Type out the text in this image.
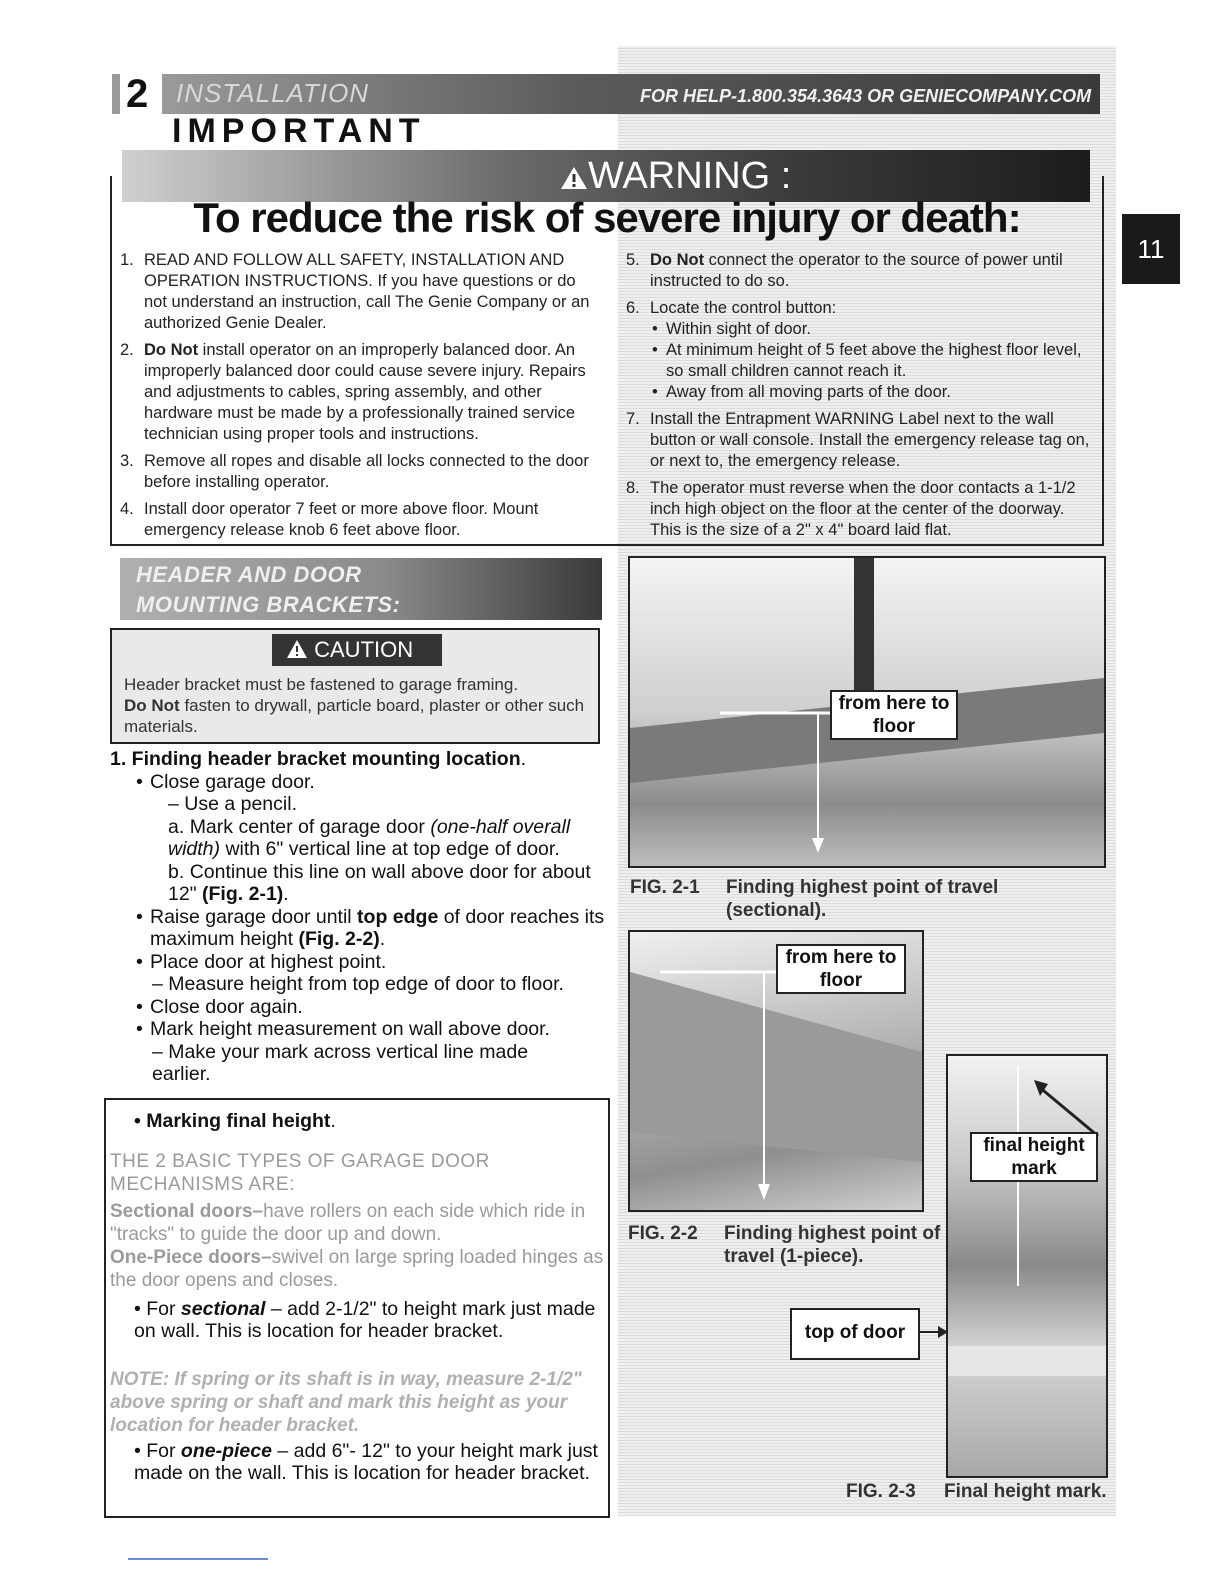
2 INSTALLATION	FOR HELP-1.800.354.3643 OR GENIECOMPANY.COM
IMPORTANT
WARNING :
To reduce the risk of severe injury or death:
1. READ AND FOLLOW ALL SAFETY, INSTALLATION AND OPERATION INSTRUCTIONS. If you have questions or do not understand an instruction, call The Genie Company or an authorized Genie Dealer.
2. Do Not install operator on an improperly balanced door. An improperly balanced door could cause severe injury. Repairs and adjustments to cables, spring assembly, and other hardware must be made by a professionally trained service technician using proper tools and instructions.
3. Remove all ropes and disable all locks connected to the door before installing operator.
4. Install door operator 7 feet or more above floor. Mount emergency release knob 6 feet above floor.
5. Do Not connect the operator to the source of power until instructed to do so.
6. Locate the control button:
• Within sight of door.
• At minimum height of 5 feet above the highest floor level, so small children cannot reach it.
• Away from all moving parts of the door.
7. Install the Entrapment WARNING Label next to the wall button or wall console. Install the emergency release tag on, or next to, the emergency release.
8. The operator must reverse when the door contacts a 1-1/2 inch high object on the floor at the center of the doorway. This is the size of a 2" x 4" board laid flat.
11
HEADER AND DOOR
MOUNTING BRACKETS:
CAUTION
Header bracket must be fastened to garage framing.
Do Not fasten to drywall, particle board, plaster or other such materials.
1. Finding header bracket mounting location.
• Close garage door.
– Use a pencil.
a. Mark center of garage door (one-half overall width) with 6" vertical line at top edge of door.
b. Continue this line on wall above door for about 12" (Fig. 2-1).
• Raise garage door until top edge of door reaches its maximum height (Fig. 2-2).
• Place door at highest point.
– Measure height from top edge of door to floor.
• Close door again.
• Mark height measurement on wall above door.
– Make your mark across vertical line made earlier.
• Marking final height.
THE 2 BASIC TYPES OF GARAGE DOOR MECHANISMS ARE:
Sectional doors–have rollers on each side which ride in "tracks" to guide the door up and down.
One-Piece doors–swivel on large spring loaded hinges as the door opens and closes.
• For sectional – add 2-1/2" to height mark just made on wall. This is location for header bracket.
NOTE: If spring or its shaft is in way, measure 2-1/2" above spring or shaft and mark this height as your location for header bracket.
• For one-piece – add 6"- 12" to your height mark just made on the wall. This is location for header bracket.
from here to floor
FIG. 2-1 Finding highest point of travel (sectional).
from here to floor
FIG. 2-2 Finding highest point of travel (1-piece).
final height mark
top of door
FIG. 2-3 Final height mark.
